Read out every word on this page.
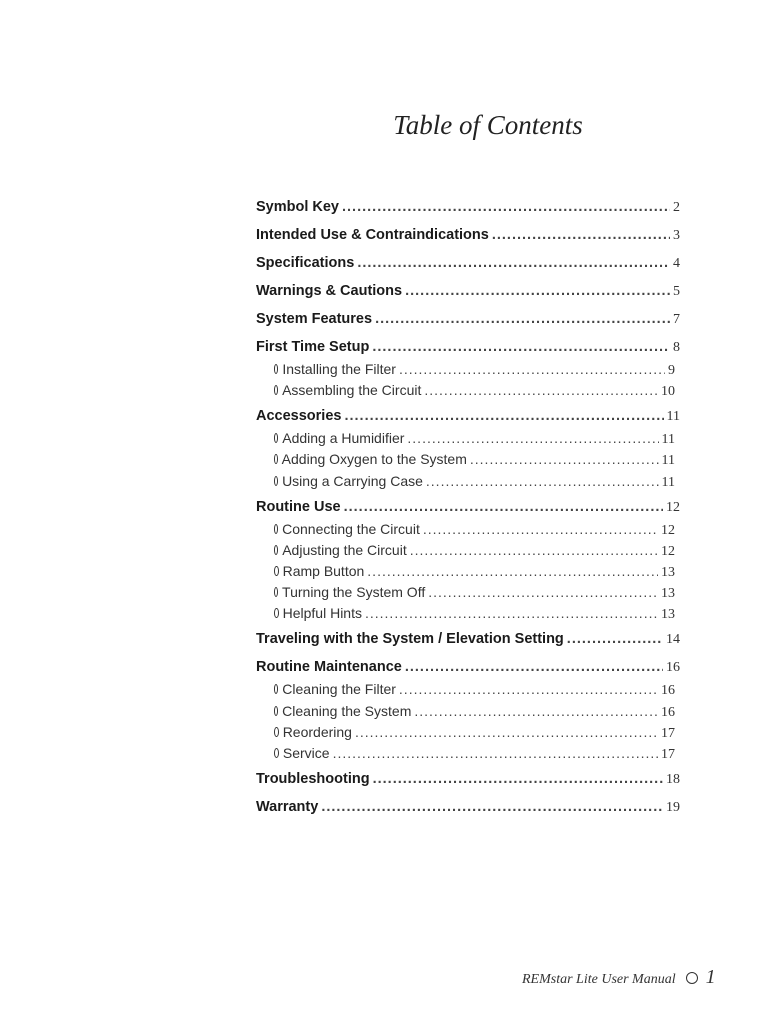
Table of Contents
Symbol Key .....	2
Intended Use & Contraindications .....	3
Specifications .....	4
Warnings & Cautions .....	5
System Features .....	7
First Time Setup .....	8
Installing the Filter .....	9
Assembling the Circuit .....	10
Accessories .....	11
Adding a Humidifier .....	11
Adding Oxygen to the System .....	11
Using a Carrying Case .....	11
Routine Use .....	12
Connecting the Circuit .....	12
Adjusting the Circuit .....	12
Ramp Button .....	13
Turning the System Off .....	13
Helpful Hints .....	13
Traveling with the System / Elevation Setting .....	14
Routine Maintenance .....	16
Cleaning the Filter .....	16
Cleaning the System .....	16
Reordering .....	17
Service .....	17
Troubleshooting .....	18
Warranty .....	19
REMstar Lite User Manual 1
